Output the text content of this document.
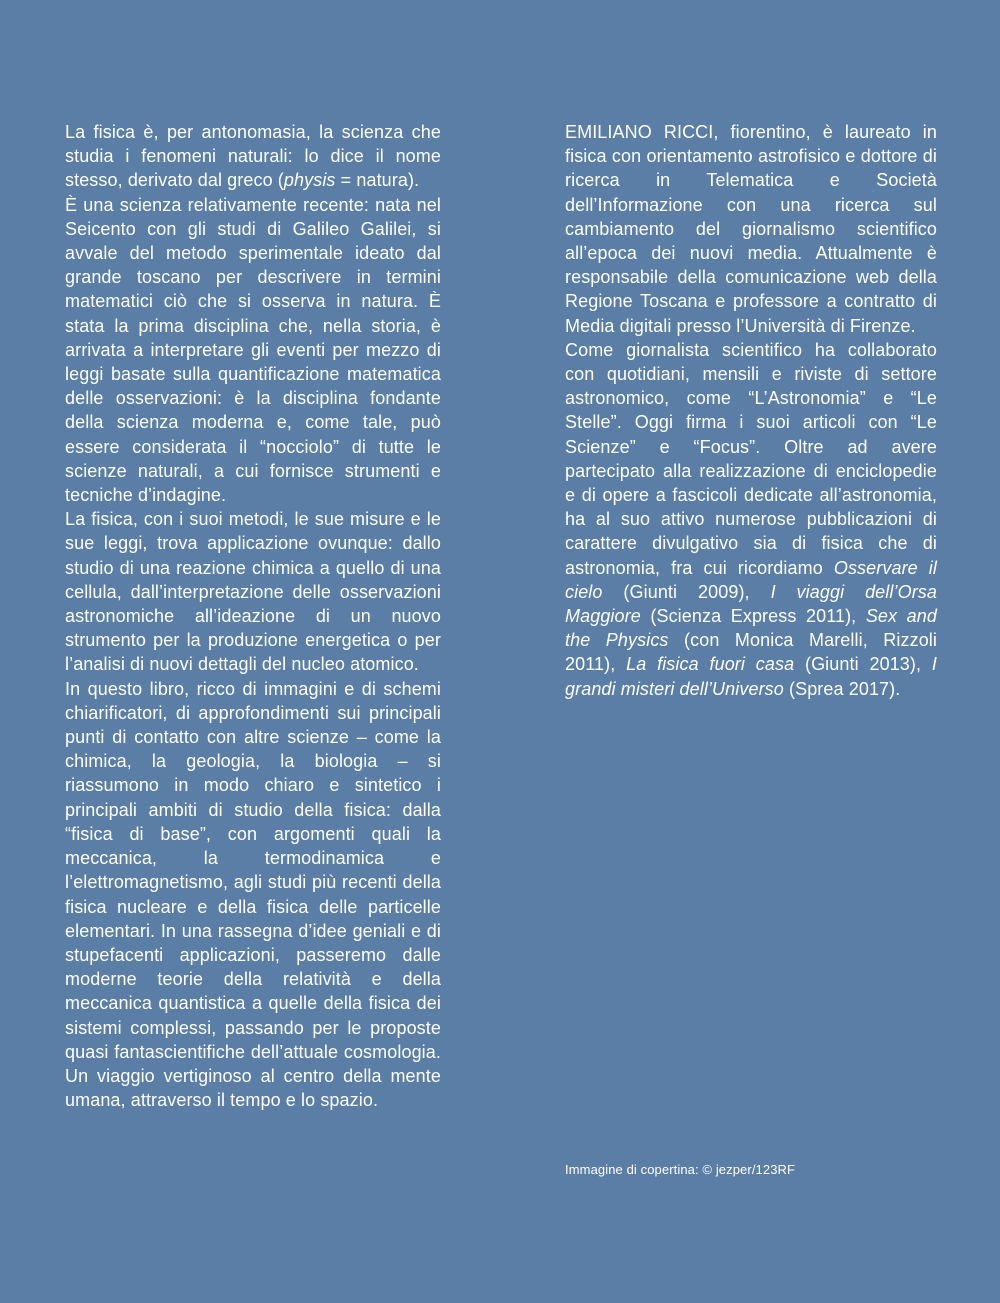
La fisica è, per antonomasia, la scienza che studia i fenomeni naturali: lo dice il nome stesso, derivato dal greco (physis = natura).

È una scienza relativamente recente: nata nel Seicento con gli studi di Galileo Galilei, si avvale del metodo sperimentale ideato dal grande toscano per descrivere in termini matematici ciò che si osserva in natura. È stata la prima disciplina che, nella storia, è arrivata a interpretare gli eventi per mezzo di leggi basate sulla quantificazione matematica delle osservazioni: è la disciplina fondante della scienza moderna e, come tale, può essere considerata il “nocciolo” di tutte le scienze naturali, a cui fornisce strumenti e tecniche d’indagine.

La fisica, con i suoi metodi, le sue misure e le sue leggi, trova applicazione ovunque: dallo studio di una reazione chimica a quello di una cellula, dall’interpretazione delle osservazioni astronomiche all’ideazione di un nuovo strumento per la produzione energetica o per l’analisi di nuovi dettagli del nucleo atomico.

In questo libro, ricco di immagini e di schemi chiarificatori, di approfondimenti sui principali punti di contatto con altre scienze – come la chimica, la geologia, la biologia – si riassumono in modo chiaro e sintetico i principali ambiti di studio della fisica: dalla “fisica di base”, con argomenti quali la meccanica, la termodinamica e l’elettromagnetismo, agli studi più recenti della fisica nucleare e della fisica delle particelle elementari. In una rassegna d’idee geniali e di stupefacenti applicazioni, passeremo dalle moderne teorie della relatività e della meccanica quantistica a quelle della fisica dei sistemi complessi, passando per le proposte quasi fantascientifiche dell’attuale cosmologia. Un viaggio vertiginoso al centro della mente umana, attraverso il tempo e lo spazio.

EMILIANO RICCI, fiorentino, è laureato in fisica con orientamento astrofisico e dottore di ricerca in Telematica e Società dell’Informazione con una ricerca sul cambiamento del giornalismo scientifico all’epoca dei nuovi media. Attualmente è responsabile della comunicazione web della Regione Toscana e professore a contratto di Media digitali presso l’Università di Firenze.

Come giornalista scientifico ha collaborato con quotidiani, mensili e riviste di settore astronomico, come “L’Astronomia” e “Le Stelle”. Oggi firma i suoi articoli con “Le Scienze” e “Focus”. Oltre ad avere partecipato alla realizzazione di enciclopedie e di opere a fascicoli dedicate all’astronomia, ha al suo attivo numerose pubblicazioni di carattere divulgativo sia di fisica che di astronomia, fra cui ricordiamo Osservare il cielo (Giunti 2009), I viaggi dell’Orsa Maggiore (Scienza Express 2011), Sex and the Physics (con Monica Marelli, Rizzoli 2011), La fisica fuori casa (Giunti 2013), I grandi misteri dell’Universo (Sprea 2017).

Immagine di copertina: © jezper/123RF
